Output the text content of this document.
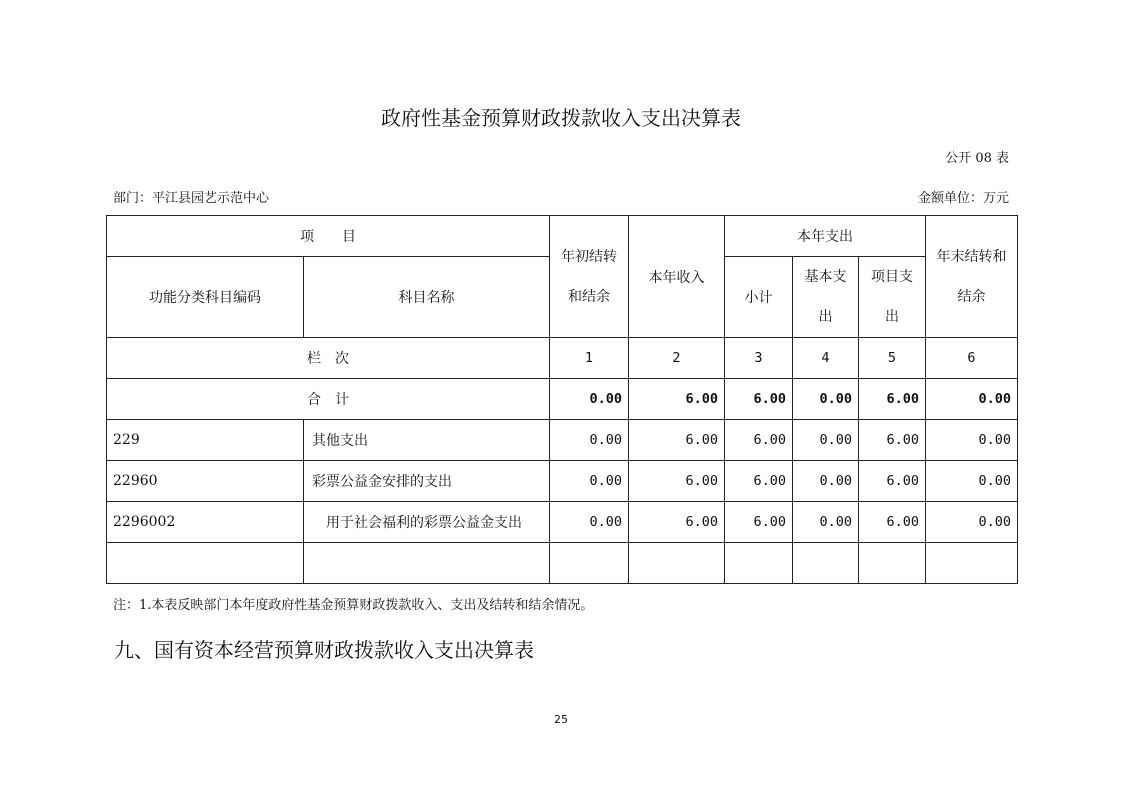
政府性基金预算财政拨款收入支出决算表
公开 08 表
部门：平江县园艺示范中心	金额单位：万元
项　　目		年初结转和结余	本年收入	本年支出			年末结转和结余
功能分类科目编码	科目名称			小计	基本支出	项目支出	
栏　次		1	2	3	4	5	6
合　计		0.00	6.00	6.00	0.00	6.00	0.00
229	其他支出	0.00	6.00	6.00	0.00	6.00	0.00
22960	彩票公益金安排的支出	0.00	6.00	6.00	0.00	6.00	0.00
2296002	用于社会福利的彩票公益金支出	0.00	6.00	6.00	0.00	6.00	0.00

注：1.本表反映部门本年度政府性基金预算财政拨款收入、支出及结转和结余情况。
九、国有资本经营预算财政拨款收入支出决算表
25
